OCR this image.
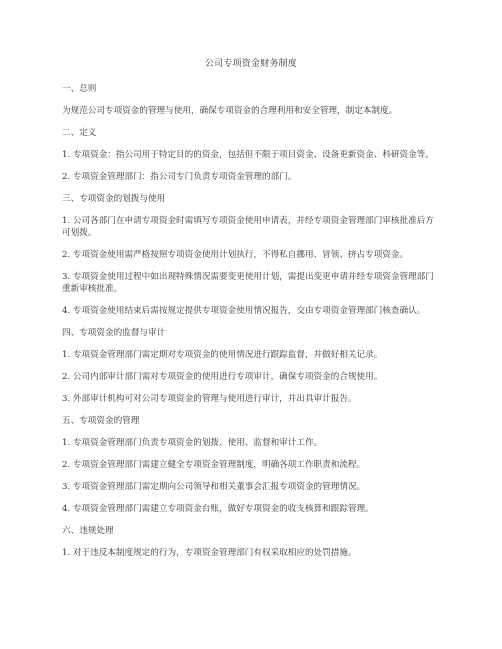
公司专项资金财务制度
一、总则
为规范公司专项资金的管理与使用，确保专项资金的合理利用和安全管理，制定本制度。
二、定义
1. 专项资金：指公司用于特定目的的资金，包括但不限于项目资金、设备更新资金、科研资金等。
2. 专项资金管理部门：指公司专门负责专项资金管理的部门。
三、专项资金的划拨与使用
1. 公司各部门在申请专项资金时需填写专项资金使用申请表，并经专项资金管理部门审核批准后方可划拨。
2. 专项资金使用需严格按照专项资金使用计划执行，不得私自挪用、冒领、挤占专项资金。
3. 专项资金使用过程中如出现特殊情况需要变更使用计划，需提出变更申请并经专项资金管理部门重新审核批准。
4. 专项资金使用结束后需按规定提供专项资金使用情况报告，交由专项资金管理部门核查确认。
四、专项资金的监督与审计
1. 专项资金管理部门需定期对专项资金的使用情况进行跟踪监督，并做好相关记录。
2. 公司内部审计部门需对专项资金的使用进行专项审计，确保专项资金的合规使用。
3. 外部审计机构可对公司专项资金的管理与使用进行审计，并出具审计报告。
五、专项资金的管理
1. 专项资金管理部门负责专项资金的划拨、使用、监督和审计工作。
2. 专项资金管理部门需建立健全专项资金管理制度，明确各项工作职责和流程。
3. 专项资金管理部门需定期向公司领导和相关董事会汇报专项资金的管理情况。
4. 专项资金管理部门需建立专项资金台账，做好专项资金的收支核算和跟踪管理。
六、违规处理
1. 对于违反本制度规定的行为，专项资金管理部门有权采取相应的处罚措施。
